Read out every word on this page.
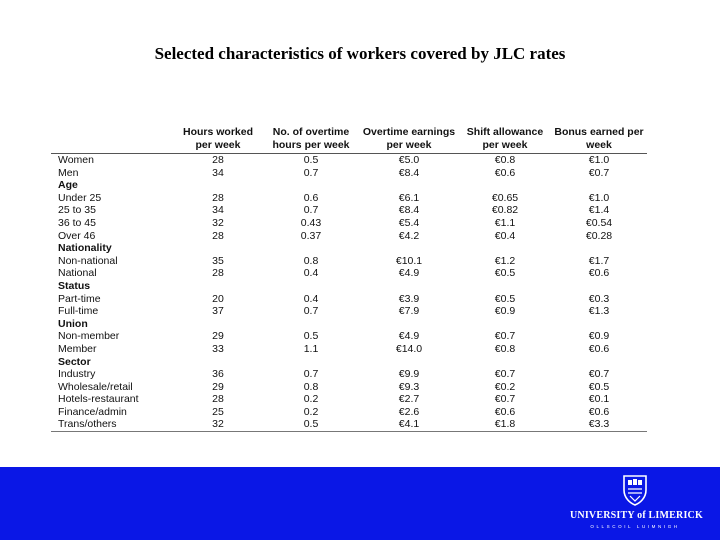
Selected characteristics of workers covered by JLC rates
	Hours worked per week	No. of overtime hours per week	Overtime earnings per week	Shift allowance per week	Bonus earned per week
Women	28	0.5	€5.0	€0.8	€1.0
Men	34	0.7	€8.4	€0.6	€0.7
Age					
Under 25	28	0.6	€6.1	€0.65	€1.0
25 to 35	34	0.7	€8.4	€0.82	€1.4
36 to 45	32	0.43	€5.4	€1.1	€0.54
Over 46	28	0.37	€4.2	€0.4	€0.28
Nationality					
Non-national	35	0.8	€10.1	€1.2	€1.7
National	28	0.4	€4.9	€0.5	€0.6
Status					
Part-time	20	0.4	€3.9	€0.5	€0.3
Full-time	37	0.7	€7.9	€0.9	€1.3
Union					
Non-member	29	0.5	€4.9	€0.7	€0.9
Member	33	1.1	€14.0	€0.8	€0.6
Sector					
Industry	36	0.7	€9.9	€0.7	€0.7
Wholesale/retail	29	0.8	€9.3	€0.2	€0.5
Hotels-restaurant	28	0.2	€2.7	€0.7	€0.1
Finance/admin	25	0.2	€2.6	€0.6	€0.6
Trans/others	32	0.5	€4.1	€1.8	€3.3
UNIVERSITY of LIMERICK
OLLSCOIL LUIMNIGH
